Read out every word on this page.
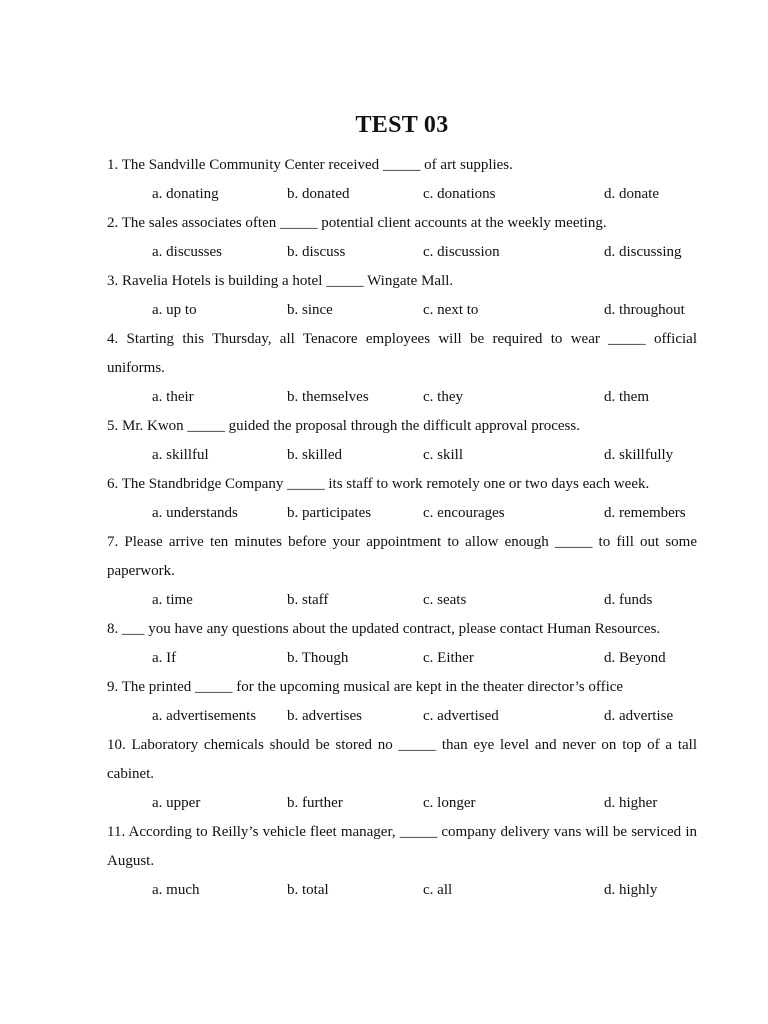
TEST 03

1. The Sandville Community Center received _____ of art supplies.

a. donating	b. donated	c. donations	d. donate

2. The sales associates often _____ potential client accounts at the weekly meeting.

a. discusses	b. discuss	c. discussion	d. discussing

3. Ravelia Hotels is building a hotel _____ Wingate Mall.

a. up to	b. since	c. next to	d. throughout

4. Starting this Thursday, all Tenacore employees will be required to wear _____ official uniforms.

a. their	b. themselves	c. they	d. them

5. Mr. Kwon _____ guided the proposal through the difficult approval process.

a. skillful	b. skilled	c. skill	d. skillfully

6. The Standbridge Company _____ its staff to work remotely one or two days each week.

a. understands	b. participates	c. encourages	d. remembers

7. Please arrive ten minutes before your appointment to allow enough _____ to fill out some paperwork.

a. time	b. staff	c. seats	d. funds

8. ___ you have any questions about the updated contract, please contact Human Resources.

a. If	b. Though	c. Either	d. Beyond

9. The printed _____ for the upcoming musical are kept in the theater director’s office

a. advertisements b. advertises	c. advertised	d. advertise

10. Laboratory chemicals should be stored no _____ than eye level and never on top of a tall cabinet.

a. upper	b. further	c. longer	d. higher

11. According to Reilly’s vehicle fleet manager, _____ company delivery vans will be serviced in August.

a. much	b. total	c. all	d. highly
